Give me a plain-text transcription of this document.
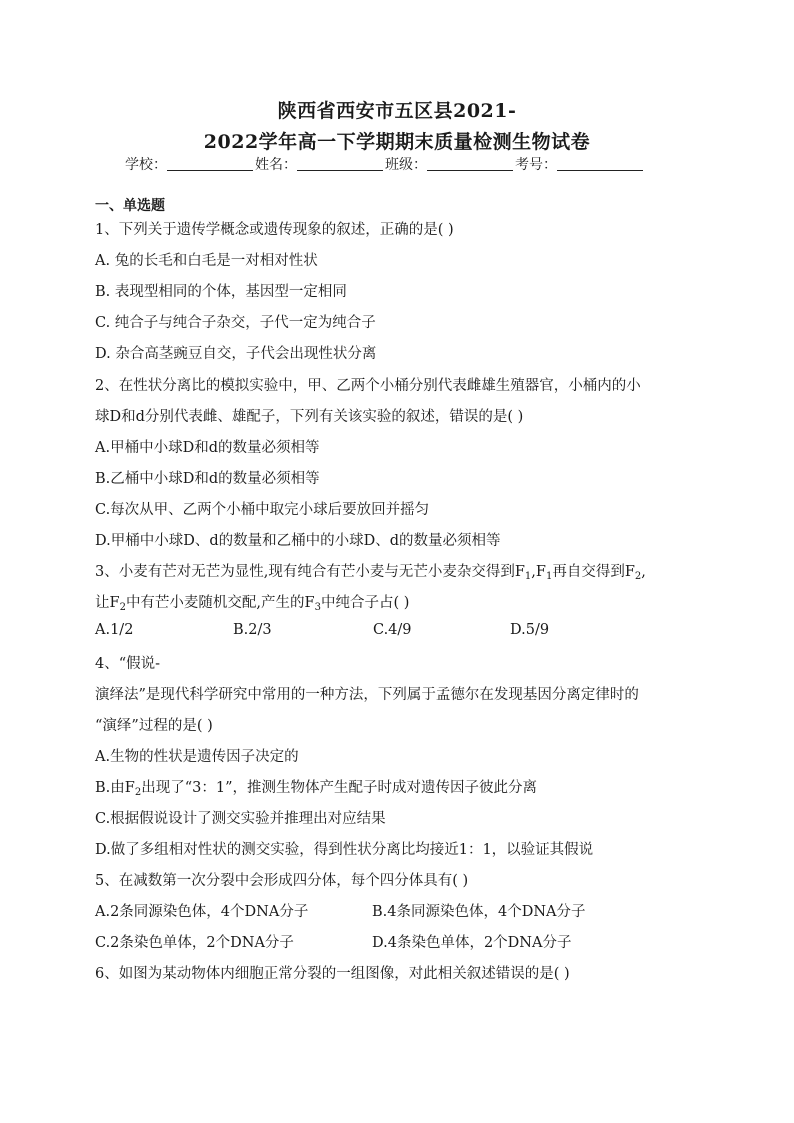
陕西省西安市五区县2021-
2022学年高一下学期期末质量检测生物试卷
学校：	姓名：	班级：	考号：
一、单选题
1、下列关于遗传学概念或遗传现象的叙述，正确的是( )
A. 兔的长毛和白毛是一对相对性状
B. 表现型相同的个体，基因型一定相同
C. 纯合子与纯合子杂交，子代一定为纯合子
D. 杂合高茎豌豆自交，子代会出现性状分离
2、在性状分离比的模拟实验中，甲、乙两个小桶分别代表雌雄生殖器官，小桶内的小
球D和d分别代表雌、雄配子，下列有关该实验的叙述，错误的是( )
A.甲桶中小球D和d的数量必须相等
B.乙桶中小球D和d的数量必须相等
C.每次从甲、乙两个小桶中取完小球后要放回并摇匀
D.甲桶中小球D、d的数量和乙桶中的小球D、d的数量必须相等
3、小麦有芒对无芒为显性,现有纯合有芒小麦与无芒小麦杂交得到$F_1,F_1$再自交得到$F_2$,
让$F_2$中有芒小麦随机交配,产生的$F_3$中纯合子占( )
A.1/2	B.2/3	C.4/9	D.5/9
4、“假说-
演绎法”是现代科学研究中常用的一种方法，下列属于孟德尔在发现基因分离定律时的
“演绎”过程的是( )
A.生物的性状是遗传因子决定的
B.由$F_2$出现了“3：1”，推测生物体产生配子时成对遗传因子彼此分离
C.根据假说设计了测交实验并推理出对应结果
D.做了多组相对性状的测交实验，得到性状分离比均接近1：1，以验证其假说
5、在减数第一次分裂中会形成四分体，每个四分体具有( )
A.2条同源染色体，4个DNA分子	B.4条同源染色体，4个DNA分子
C.2条染色单体，2个DNA分子	D.4条染色单体，2个DNA分子
6、如图为某动物体内细胞正常分裂的一组图像，对此相关叙述错误的是( )
